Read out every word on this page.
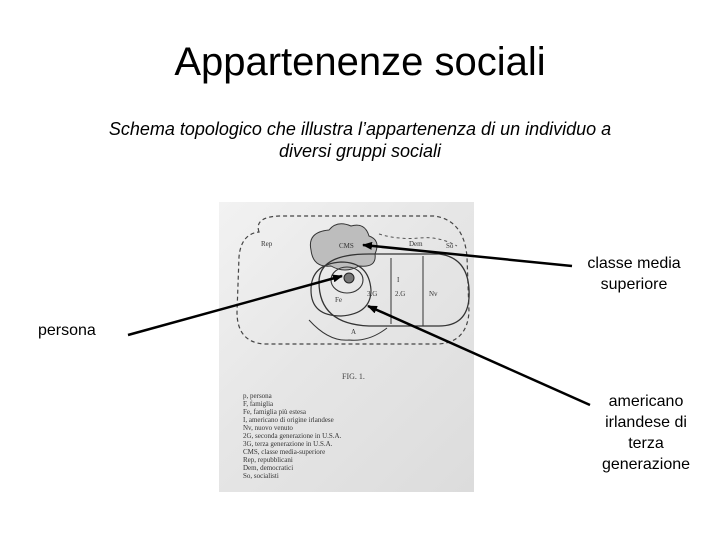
Appartenenze sociali
Schema topologico che illustra l’appartenenza di un individuo a diversi gruppi sociali
Rep	CMS	Dem	So
I
2.G	Nv
Fe
3.G
A
FIG. 1.
p, persona
F, famiglia
Fe, famiglia più estesa
I, americano di origine irlandese
Nv, nuovo venuto
2G, seconda generazione in U.S.A.
3G, terza generazione in U.S.A.
CMS, classe media-superiore
Rep, repubblicani
Dem, democratici
So, socialisti
classe media superiore
persona
americano irlandese di terza generazione
